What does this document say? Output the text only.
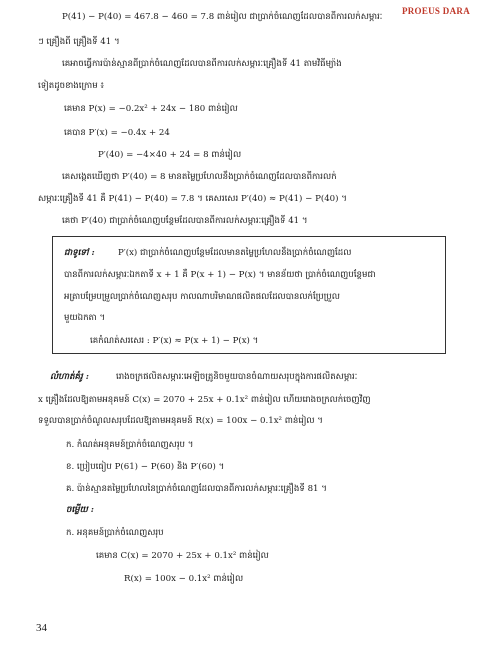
PROEUS DARA
P(41) − P(40) = 467.8 − 460 = 7.8 ពាន់រៀល ជាប្រាក់ចំណេញដែលបានពីការលក់សម្ភារៈ
ៗ គ្រឿងពី គ្រឿងទី 41 ។
គេអាចធ្វើការប៉ាន់ស្មានពីប្រាក់ចំណេញដែលបានពីការលក់សម្ភារៈគ្រឿងទី 41 តាមវិធីម្យ៉ាង
ទៀតដូចខាងក្រោម ៖
គេមាន P(x) = −0.2x² + 24x − 180 ពាន់រៀល
គេបាន P′(x) = −0.4x + 24
P′(40) = −4×40 + 24 = 8 ពាន់រៀល
គេសង្កេតឃើញថា P′(40) = 8 មានតម្លៃប្រហែលនឹងប្រាក់ចំណេញដែលបានពីការលក់
សម្ភារៈគ្រឿងទី 41 គឺ P(41) − P(40) = 7.8 ។ គេសរសេរ P′(40) ≈ P(41) − P(40) ។
គេថា P′(40) ជាប្រាក់ចំណេញបន្ថែមដែលបានពីការលក់សម្ភារៈគ្រឿងទី 41 ។
ជាទូទៅ :	P′(x) ជាប្រាក់ចំណេញបន្ថែមដែលមានតម្លៃប្រហែលនឹងប្រាក់ចំណេញដែល
បានពីការលក់សម្ភារៈឯកតាទី x + 1 គឺ P(x + 1) − P(x) ។ មានន័យថា ប្រាក់ចំណេញបន្ថែមជា
អត្រាបម្រែបម្រួលប្រាក់ចំណេញសរុប កាលណាបរិមាណផលិតផលដែលបានលក់ប្រែប្រួល
មួយឯកតា ។
គេកំណត់សរសេរ : P′(x) ≈ P(x + 1) − P(x) ។
លំហាត់គំរូ :	រោងចក្រផលិតសម្ភារៈអេឡិចត្រូនិចមួយបានចំណាយសរុបក្នុងការផលិតសម្ភារៈ
x គ្រឿងដែលឱ្យតាមអនុគមន៍ C(x) = 2070 + 25x + 0.1x² ពាន់រៀល ហើយរោងចក្រលក់ចេញវិញ
ទទួលបានប្រាក់ចំណូលសរុបដែលឱ្យតាមអនុគមន៍ R(x) = 100x − 0.1x² ពាន់រៀល ។
ក. កំណត់អនុគមន៍ប្រាក់ចំណេញសរុប ។
ខ. ប្រៀបធៀប P(61) − P(60) និង P′(60) ។
គ. ប៉ាន់ស្មានតម្លៃប្រហែលនៃប្រាក់ចំណេញដែលបានពីការលក់សម្ភារៈគ្រឿងទី 81 ។
ចម្លើយ :
ក. អនុគមន៍ប្រាក់ចំណេញសរុប
គេមាន C(x) = 2070 + 25x + 0.1x² ពាន់រៀល
R(x) = 100x − 0.1x² ពាន់រៀល
34
